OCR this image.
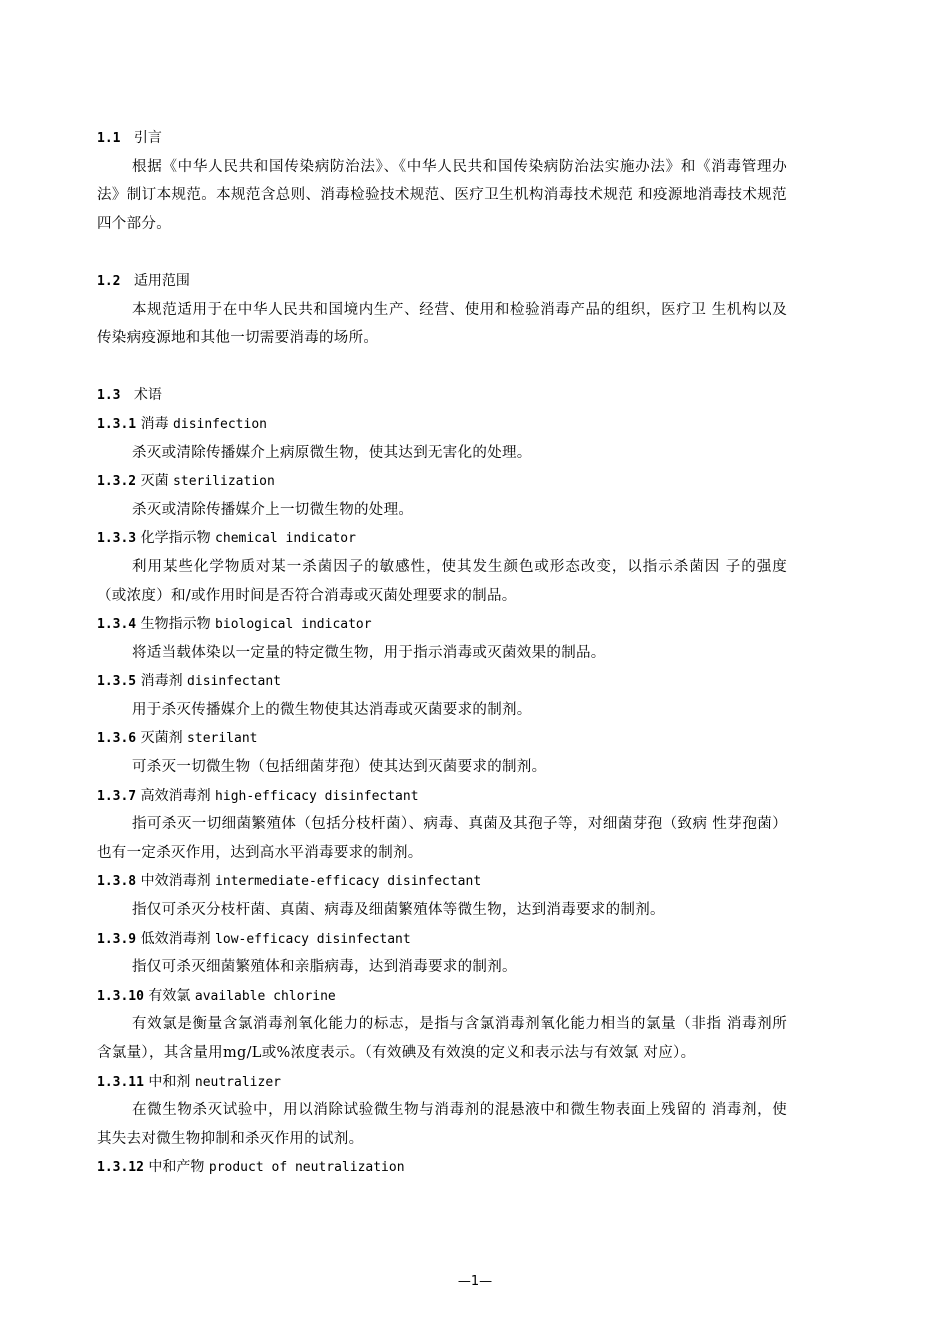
1.1 引言
根据《中华人民共和国传染病防治法》、《中华人民共和国传染病防治法实施办法》和《消毒管理办法》制订本规范。本规范含总则、消毒检验技术规范、医疗卫生机构消毒技术规范 和疫源地消毒技术规范四个部分。
1.2 适用范围
本规范适用于在中华人民共和国境内生产、经营、使用和检验消毒产品的组织，医疗卫 生机构以及传染病疫源地和其他一切需要消毒的场所。
1.3 术语
1.3.1 消毒 disinfection
杀灭或清除传播媒介上病原微生物，使其达到无害化的处理。
1.3.2 灭菌 sterilization
杀灭或清除传播媒介上一切微生物的处理。
1.3.3 化学指示物 chemical indicator
利用某些化学物质对某一杀菌因子的敏感性，使其发生颜色或形态改变，以指示杀菌因 子的强度（或浓度）和/或作用时间是否符合消毒或灭菌处理要求的制品。
1.3.4 生物指示物 biological indicator
将适当载体染以一定量的特定微生物，用于指示消毒或灭菌效果的制品。
1.3.5 消毒剂 disinfectant
用于杀灭传播媒介上的微生物使其达消毒或灭菌要求的制剂。
1.3.6 灭菌剂 sterilant
可杀灭一切微生物（包括细菌芽孢）使其达到灭菌要求的制剂。
1.3.7 高效消毒剂 high-efficacy disinfectant
指可杀灭一切细菌繁殖体（包括分枝杆菌）、病毒、真菌及其孢子等，对细菌芽孢（致病 性芽孢菌）也有一定杀灭作用，达到高水平消毒要求的制剂。
1.3.8 中效消毒剂 intermediate-efficacy disinfectant
指仅可杀灭分枝杆菌、真菌、病毒及细菌繁殖体等微生物，达到消毒要求的制剂。
1.3.9 低效消毒剂 low-efficacy disinfectant
指仅可杀灭细菌繁殖体和亲脂病毒，达到消毒要求的制剂。
1.3.10 有效氯 available chlorine
有效氯是衡量含氯消毒剂氧化能力的标志，是指与含氯消毒剂氧化能力相当的氯量（非指 消毒剂所含氯量），其含量用mg/L或%浓度表示。（有效碘及有效溴的定义和表示法与有效氯 对应）。
1.3.11 中和剂 neutralizer
在微生物杀灭试验中，用以消除试验微生物与消毒剂的混悬液中和微生物表面上残留的 消毒剂，使其失去对微生物抑制和杀灭作用的试剂。
1.3.12 中和产物 product of neutralization
—1—
